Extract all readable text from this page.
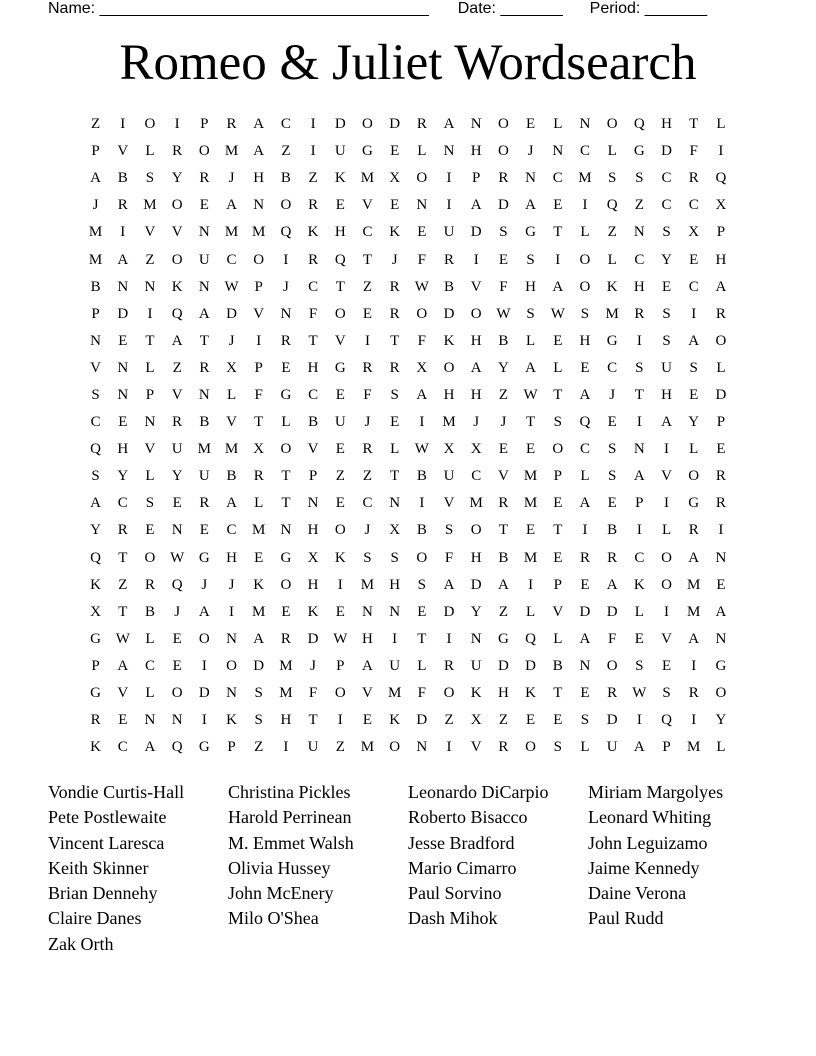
Name: _____________________________________ Date: _______ Period: _______
Romeo & Juliet Wordsearch
Z	I	O	I	P	R	A	C	I	D	O	D	R	A	N	O	E	L	N	O	Q	H	T	L
P	V	L	R	O	M	A	Z	I	U	G	E	L	N	H	O	J	N	C	L	G	D	F	I
A	B	S	Y	R	J	H	B	Z	K	M	X	O	I	P	R	N	C	M	S	S	C	R	Q
J	R	M	O	E	A	N	O	R	E	V	E	N	I	A	D	A	E	I	Q	Z	C	C	X
M	I	V	V	N	M M	Q	K	H	C	K	E	U	D	S	G	T	L	Z	N	S	X	P
M	A	Z	O	U	C	O	I	R	Q	T	J	F	R	I	E	S	I	O	L	C	Y	E	H
B	N	N	K	N W	P	J	C	T	Z	R	W	B	V	F	H	A	O	K	H	E	C	A
P	D	I	Q	A	D	V	N	F	O	E	R	O	D	O W	S	W	S	M	R	S	I	R
N	E	T	A	T	J	I	R	T	V	I	T	F	K	H	B	L	E	H	G	I	S	A	O
V	N	L	Z	R	X	P	E	H	G	R	R	X	O	A	Y	A	L	E	C	S	U	S	L
S	N	P	V	N	L	F	G	C	E	F	S	A	H	H	Z	W	T	A	J	T	H	E	D
C	E	N	R	B	V	T	L	B	U	J	E	I	M	J	J	T	S	Q	E	I	A	Y	P
Q	H	V	U	M M	X	O	V	E	R	L	W X	X	E	E	O	C	S	N	I	L	E
S	Y	L	Y	U	B	R	T	P	Z	Z	T	B	U	C	V	M	P	L	S	A	V	O	R
A	C	S	E	R	A	L	T	N	E	C	N	I	V	M	R	M	E	A	E	P	I	G	R
Y	R	E	N	E	C	M	N	H	O	J	X	B	S	O	T	E	T	I	B	I	L	R	I
Q	T	O W G	H	E	G	X	K	S	S	O	F	H	B	M	E	R	R	C	O	A	N
K	Z	R	Q	J	J	K	O	H	I	M	H	S	A	D	A	I	P	E	A	K	O	M	E
X	T	B	J	A	I	M	E	K	E	N	N	E	D	Y	Z	L	V	D	D	L	I	M	A
G W	L	E	O	N	A	R	D W H	I	T	I	N	G	Q	L	A	F	E	V	A	N
P	A	C	E	I	O	D	M	J	P	A	U	L	R	U	D	D	B	N	O	S	E	I	G
G	V	L	O	D	N	S	M	F	O	V	M	F	O	K	H	K	T	E	R	W	S	R	O
R	E	N	N	I	K	S	H	T	I	E	K	D	Z	X	Z	E	E	S	D	I	Q	I	Y
K	C	A	Q	G	P	Z	I	U	Z	M	O	N	I	V	R	O	S	L	U	A	P	M	L
Vondie Curtis-Hall
Pete Postlewaite
Vincent Laresca
Keith Skinner
Brian Dennehy
Claire Danes
Zak Orth
Christina Pickles
Harold Perrinean
M. Emmet Walsh
Olivia Hussey
John McEnery
Milo O'Shea
Leonardo DiCarpio
Roberto Bisacco
Jesse Bradford
Mario Cimarro
Paul Sorvino
Dash Mihok
Miriam Margolyes
Leonard Whiting
John Leguizamo
Jaime Kennedy
Daine Verona
Paul Rudd
